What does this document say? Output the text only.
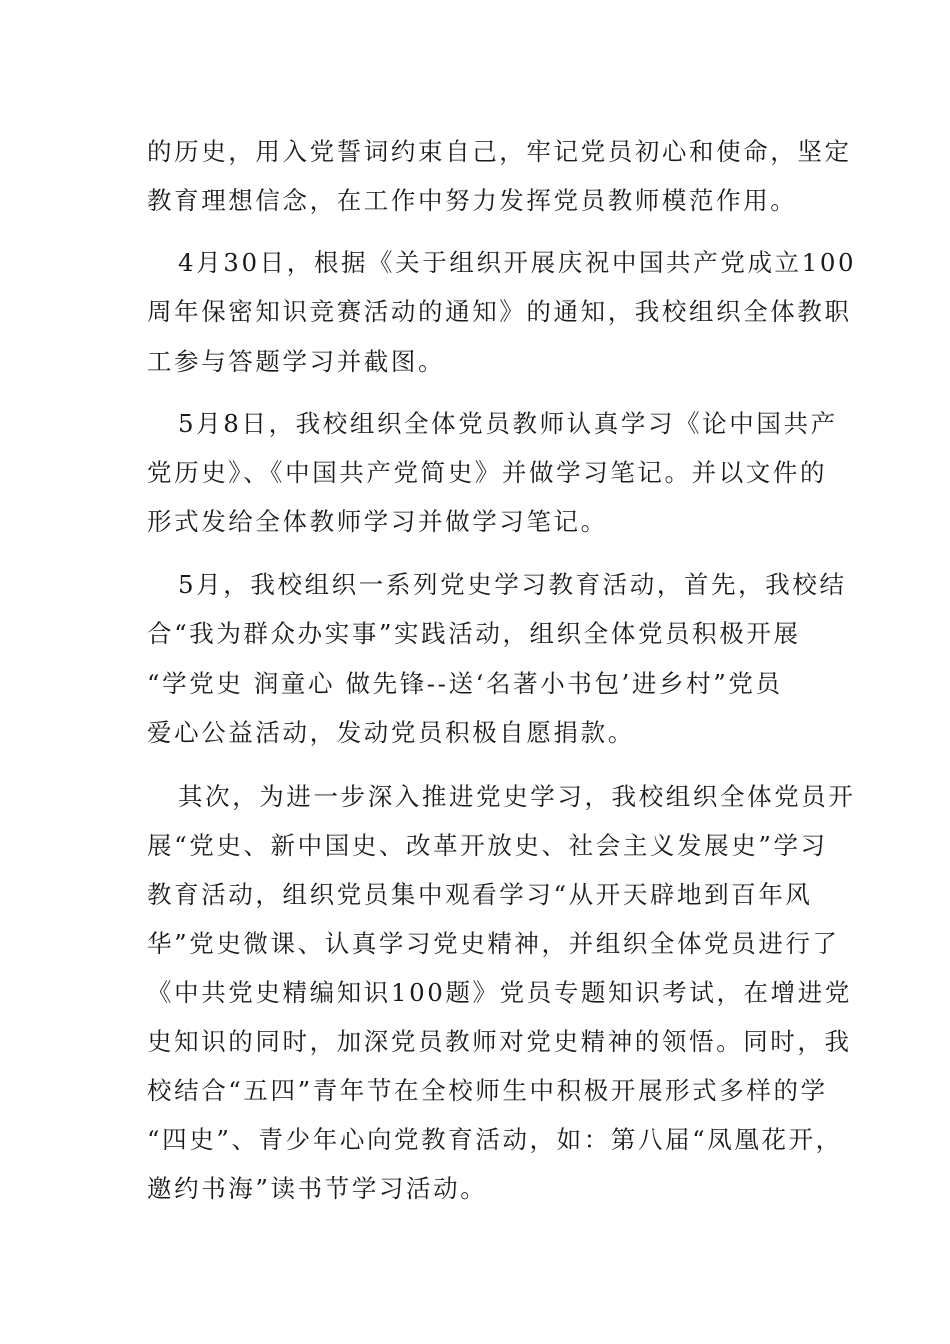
的历史，用入党誓词约束自己，牢记党员初心和使命，坚定
教育理想信念，在工作中努力发挥党员教师模范作用。
4月30日，根据《关于组织开展庆祝中国共产党成立100
周年保密知识竞赛活动的通知》的通知，我校组织全体教职
工参与答题学习并截图。
5月8日，我校组织全体党员教师认真学习《论中国共产
党历史》、《中国共产党简史》并做学习笔记。并以文件的
形式发给全体教师学习并做学习笔记。
5月，我校组织一系列党史学习教育活动，首先，我校结
合“我为群众办实事”实践活动，组织全体党员积极开展
“学党史 润童心 做先锋--送‘名著小书包’进乡村”党员
爱心公益活动，发动党员积极自愿捐款。
其次，为进一步深入推进党史学习，我校组织全体党员开
展“党史、新中国史、改革开放史、社会主义发展史”学习
教育活动，组织党员集中观看学习“从开天辟地到百年风
华”党史微课、认真学习党史精神，并组织全体党员进行了
《中共党史精编知识100题》党员专题知识考试，在增进党
史知识的同时，加深党员教师对党史精神的领悟。同时，我
校结合“五四”青年节在全校师生中积极开展形式多样的学
“四史”、青少年心向党教育活动，如：第八届“凤凰花开，
邀约书海”读书节学习活动。
